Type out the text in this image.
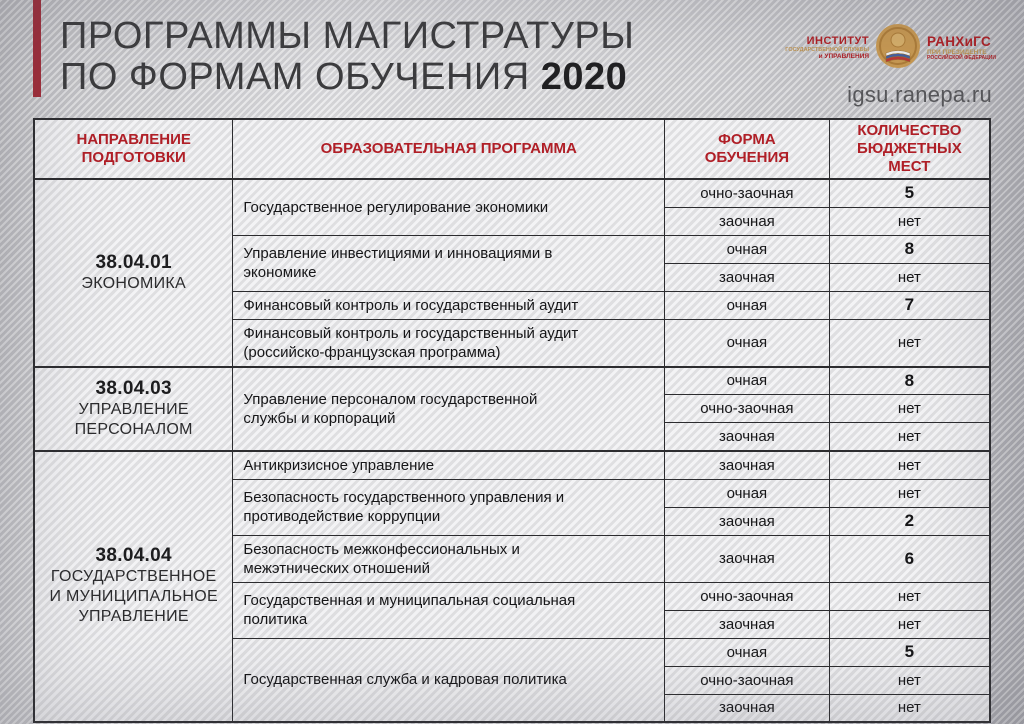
ПРОГРАММЫ МАГИСТРАТУРЫ
ПО ФОРМАМ ОБУЧЕНИЯ 2020
ИНСТИТУТ
ГОСУДАРСТВЕННОЙ СЛУЖБЫ
и УПРАВЛЕНИЯ
РАНХиГС
ПРИ ПРЕЗИДЕНТЕ
РОССИЙСКОЙ ФЕДЕРАЦИИ
igsu.ranepa.ru
НАПРАВЛЕНИЕ ПОДГОТОВКИ	ОБРАЗОВАТЕЛЬНАЯ ПРОГРАММА	ФОРМА ОБУЧЕНИЯ	КОЛИЧЕСТВО БЮДЖЕТНЫХ МЕСТ

38.04.01
ЭКОНОМИКА	Государственное регулирование экономики	очно-заочная	5
		заочная	нет

	Управление инвестициями и инновациями в экономике	очная	8
		заочная	нет

	Финансовый контроль и государственный аудит	очная	7

	Финансовый контроль и государственный аудит (российско-французская программа)	очная	нет

38.04.03
УПРАВЛЕНИЕ ПЕРСОНАЛОМ	Управление персоналом государственной службы и корпораций	очная	8
		очно-заочная	нет
		заочная	нет

38.04.04
ГОСУДАРСТВЕННОЕ И МУНИЦИПАЛЬНОЕ УПРАВЛЕНИЕ	Антикризисное управление	заочная	нет

	Безопасность государственного управления и противодействие коррупции	очная	нет
		заочная	2

	Безопасность межконфессиональных и межэтнических отношений	заочная	6

	Государственная и муниципальная социальная политика	очно-заочная	нет
		заочная	нет

	Государственная служба и кадровая политика	очная	5
		очно-заочная	нет
		заочная	нет
